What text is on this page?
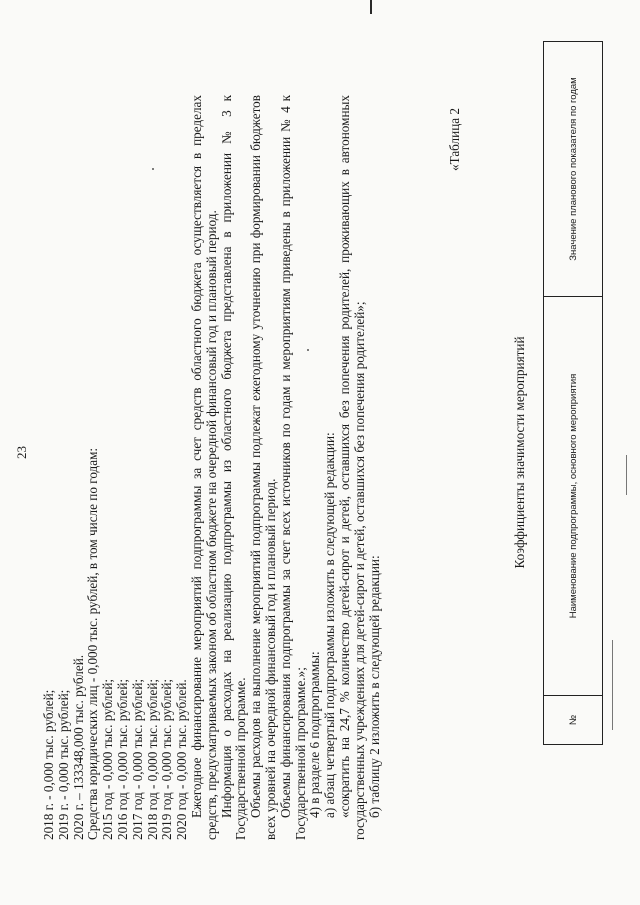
23

2018 г. - 0,000 тыс. рублей; 2019 г. - 0,000 тыс. рублей; 2020 г. – 133348,000 тыс. рублей. Средства юридических лиц - 0,000 тыс. рублей, в том числе по годам: 2015 год - 0,000 тыс. рублей; 2016 год - 0,000 тыс. рублей; 2017 год - 0,000 тыс. рублей; 2018 год - 0,000 тыс. рублей; 2019 год - 0,000 тыс. рублей; 2020 год - 0,000 тыс. рублей. Ежегодное финансирование мероприятий подпрограммы за счет средств областного бюджета осуществляется в пределах средств, предусматриваемых законом об областном бюджете на очередной финансовый год и плановый период. Информация о расходах на реализацию подпрограммы из областного бюджета представлена в приложении № 3 к Государственной программе. Объемы расходов на выполнение мероприятий подпрограммы подлежат ежегодному уточнению при формировании бюджетов всех уровней на очередной финансовый год и плановый период. Объемы финансирования подпрограммы за счет всех источников по годам и мероприятиям приведены в приложении № 4 к Государственной программе.»; 4) в разделе 6 подпрограммы: а) абзац четвертый подпрограммы изложить в следующей редакции: «сократить на 24,7 % количество детей-сирот и детей, оставшихся без попечения родителей, проживающих в автономных государственных учреждениях для детей-сирот и детей, оставшихся без попечения родителей»; б) таблицу 2 изложить в следующей редакции:

«Таблица 2
Коэффициенты значимости мероприятий
№	Наименование подпрограммы, основного мероприятия	Значение планового показателя по годам
